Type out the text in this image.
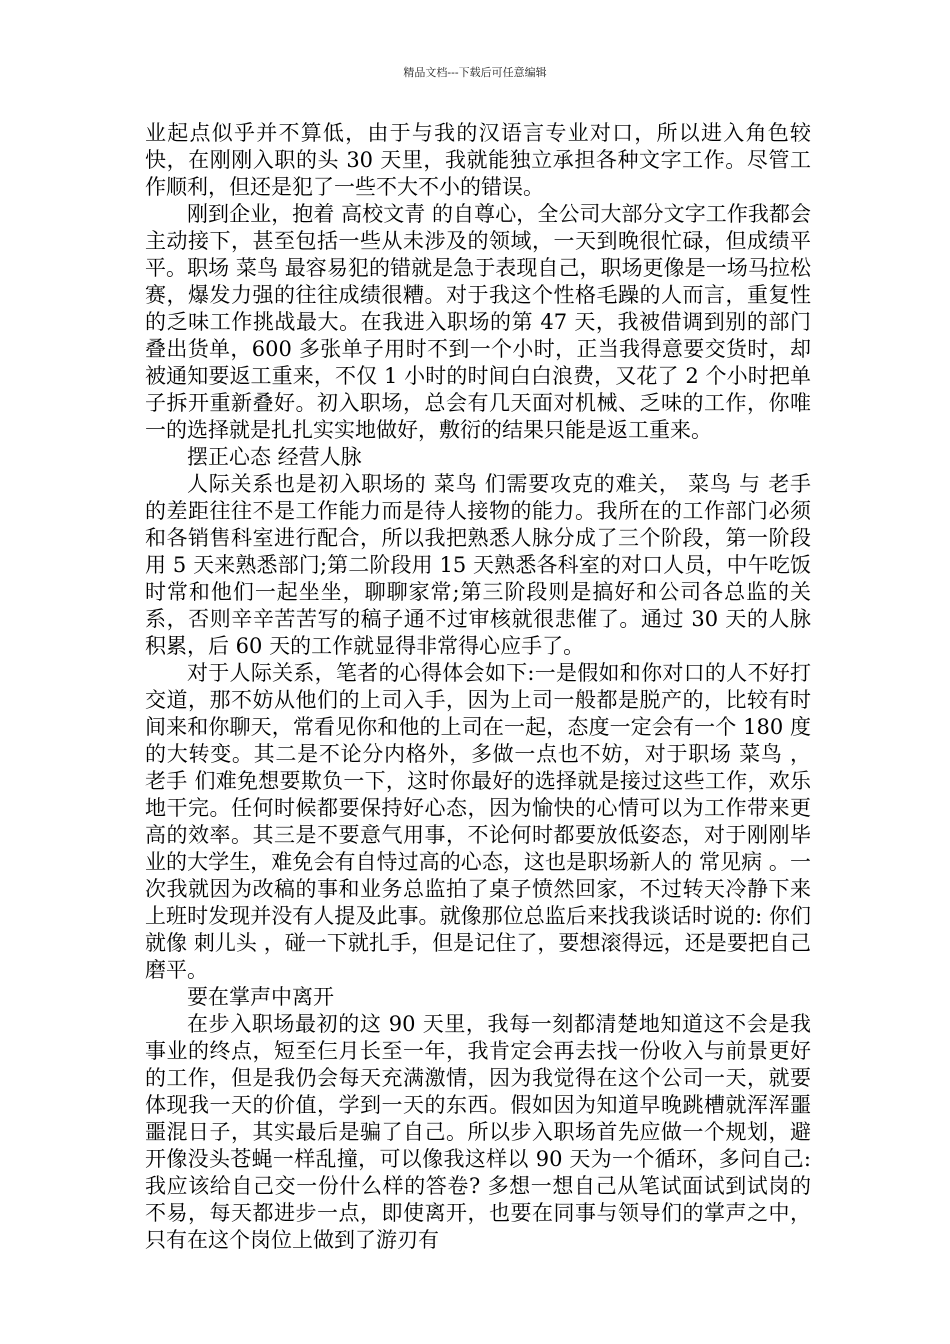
精品文档---下载后可任意编辑

业起点似乎并不算低，由于与我的汉语言专业对口，所以进入角色较快，在刚刚入职的头 30 天里，我就能独立承担各种文字工作。尽管工作顺利，但还是犯了一些不大不小的错误。

刚到企业，抱着 高校文青 的自尊心，全公司大部分文字工作我都会主动接下，甚至包括一些从未涉及的领域，一天到晚很忙碌，但成绩平平。职场 菜鸟 最容易犯的错就是急于表现自己，职场更像是一场马拉松赛，爆发力强的往往成绩很糟。对于我这个性格毛躁的人而言，重复性的乏味工作挑战最大。在我进入职场的第 47 天，我被借调到别的部门叠出货单，600 多张单子用时不到一个小时，正当我得意要交货时，却被通知要返工重来，不仅 1 小时的时间白白浪费，又花了 2 个小时把单子拆开重新叠好。初入职场，总会有几天面对机械、乏味的工作，你唯一的选择就是扎扎实实地做好，敷衍的结果只能是返工重来。

摆正心态 经营人脉

人际关系也是初入职场的 菜鸟 们需要攻克的难关， 菜鸟 与 老手 的差距往往不是工作能力而是待人接物的能力。我所在的工作部门必须和各销售科室进行配合，所以我把熟悉人脉分成了三个阶段，第一阶段用 5 天来熟悉部门;第二阶段用 15 天熟悉各科室的对口人员，中午吃饭时常和他们一起坐坐，聊聊家常;第三阶段则是搞好和公司各总监的关系，否则辛辛苦苦写的稿子通不过审核就很悲催了。通过 30 天的人脉积累，后 60 天的工作就显得非常得心应手了。

对于人际关系，笔者的心得体会如下:一是假如和你对口的人不好打交道，那不妨从他们的上司入手，因为上司一般都是脱产的，比较有时间来和你聊天，常看见你和他的上司在一起，态度一定会有一个 180 度的大转变。其二是不论分内格外，多做一点也不妨，对于职场 菜鸟 ， 老手 们难免想要欺负一下，这时你最好的选择就是接过这些工作，欢乐地干完。任何时候都要保持好心态，因为愉快的心情可以为工作带来更高的效率。其三是不要意气用事，不论何时都要放低姿态，对于刚刚毕业的大学生，难免会有自恃过高的心态，这也是职场新人的 常见病 。一次我就因为改稿的事和业务总监拍了桌子愤然回家，不过转天冷静下来上班时发现并没有人提及此事。就像那位总监后来找我谈话时说的: 你们就像 刺儿头 ，碰一下就扎手，但是记住了，要想滚得远，还是要把自己磨平。

要在掌声中离开

在步入职场最初的这 90 天里，我每一刻都清楚地知道这不会是我事业的终点，短至仨月长至一年，我肯定会再去找一份收入与前景更好的工作，但是我仍会每天充满激情，因为我觉得在这个公司一天，就要体现我一天的价值，学到一天的东西。假如因为知道早晚跳槽就浑浑噩噩混日子，其实最后是骗了自己。所以步入职场首先应做一个规划，避开像没头苍蝇一样乱撞，可以像我这样以 90 天为一个循环，多问自己: 我应该给自己交一份什么样的答卷? 多想一想自己从笔试面试到试岗的不易，每天都进步一点，即使离开，也要在同事与领导们的掌声之中，只有在这个岗位上做到了游刃有
